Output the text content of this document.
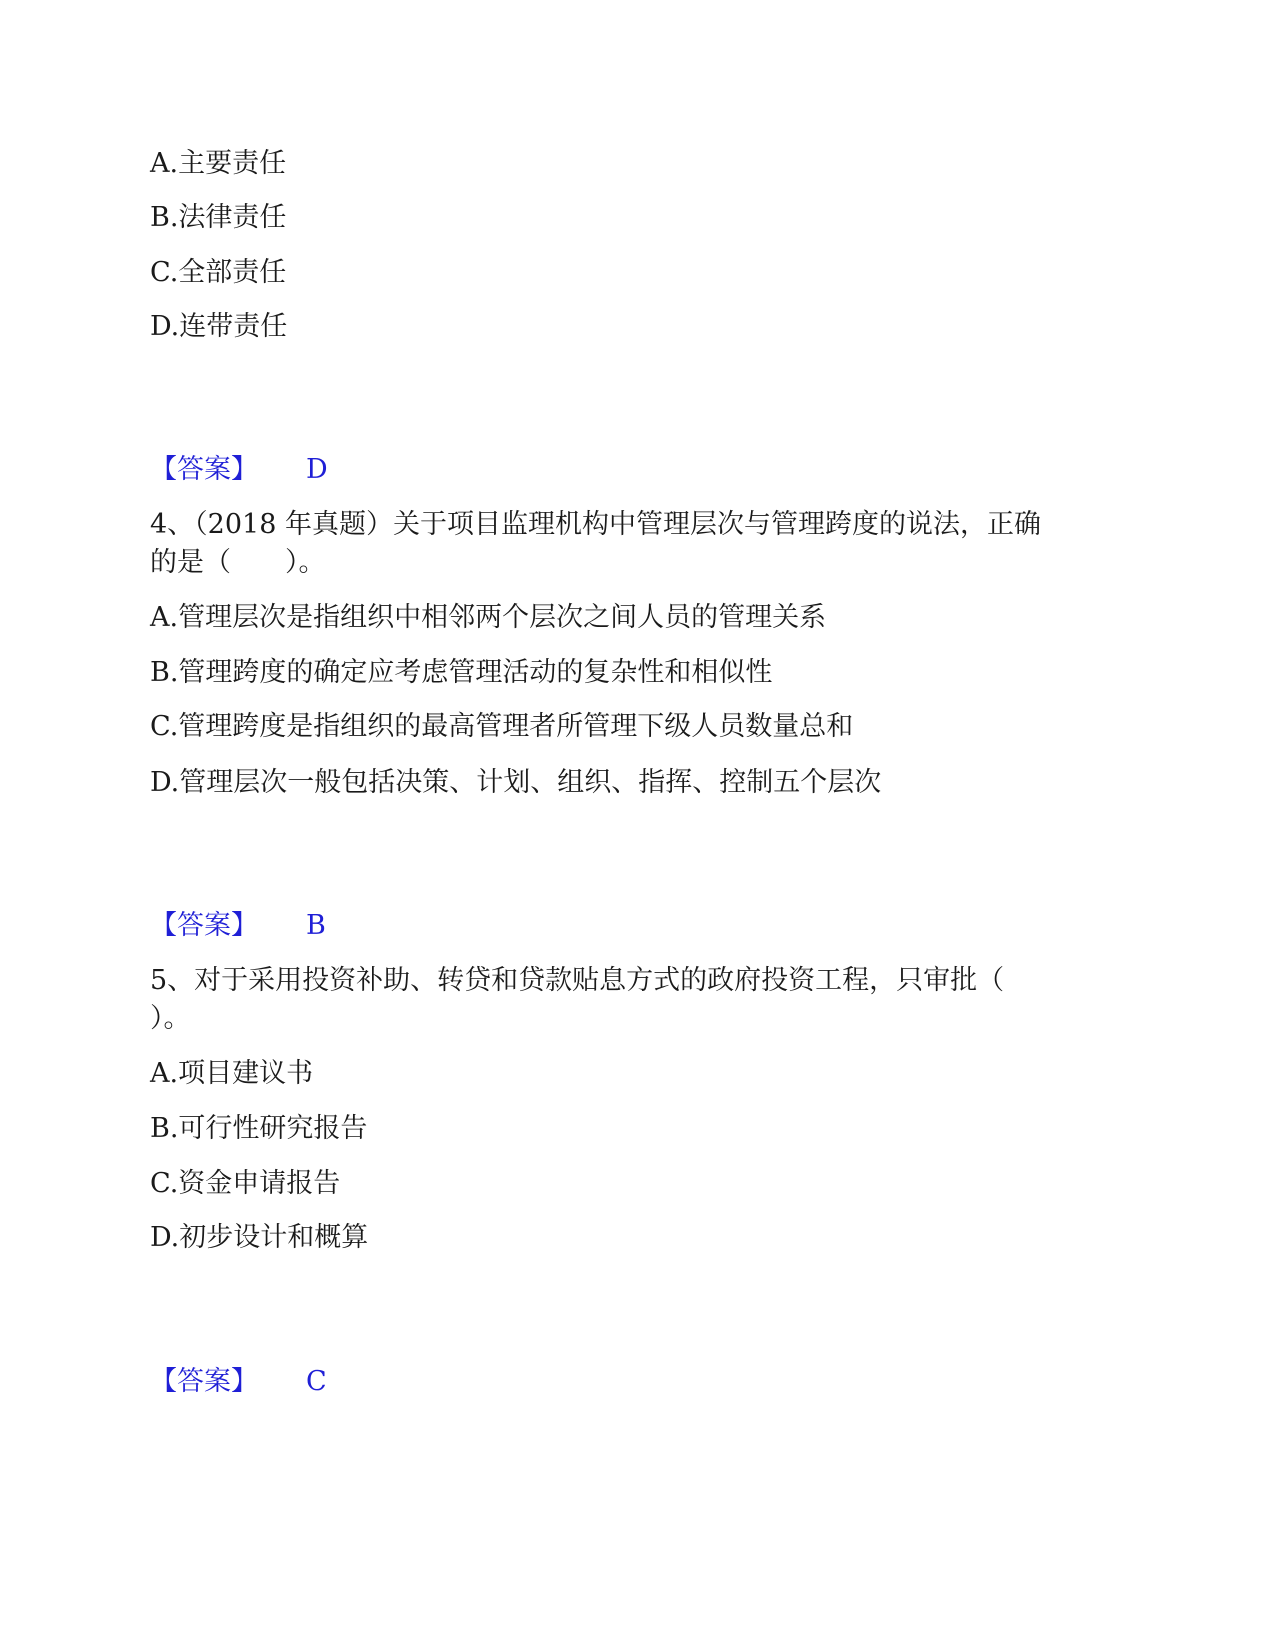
A.主要责任
B.法律责任
C.全部责任
D.连带责任
【答案】 D
4、（2018 年真题）关于项目监理机构中管理层次与管理跨度的说法，正确
的是（　　）。
A.管理层次是指组织中相邻两个层次之间人员的管理关系
B.管理跨度的确定应考虑管理活动的复杂性和相似性
C.管理跨度是指组织的最高管理者所管理下级人员数量总和
D.管理层次一般包括决策、计划、组织、指挥、控制五个层次
【答案】 B
5、对于采用投资补助、转贷和贷款贴息方式的政府投资工程，只审批（
）。
A.项目建议书
B.可行性研究报告
C.资金申请报告
D.初步设计和概算
【答案】 C
